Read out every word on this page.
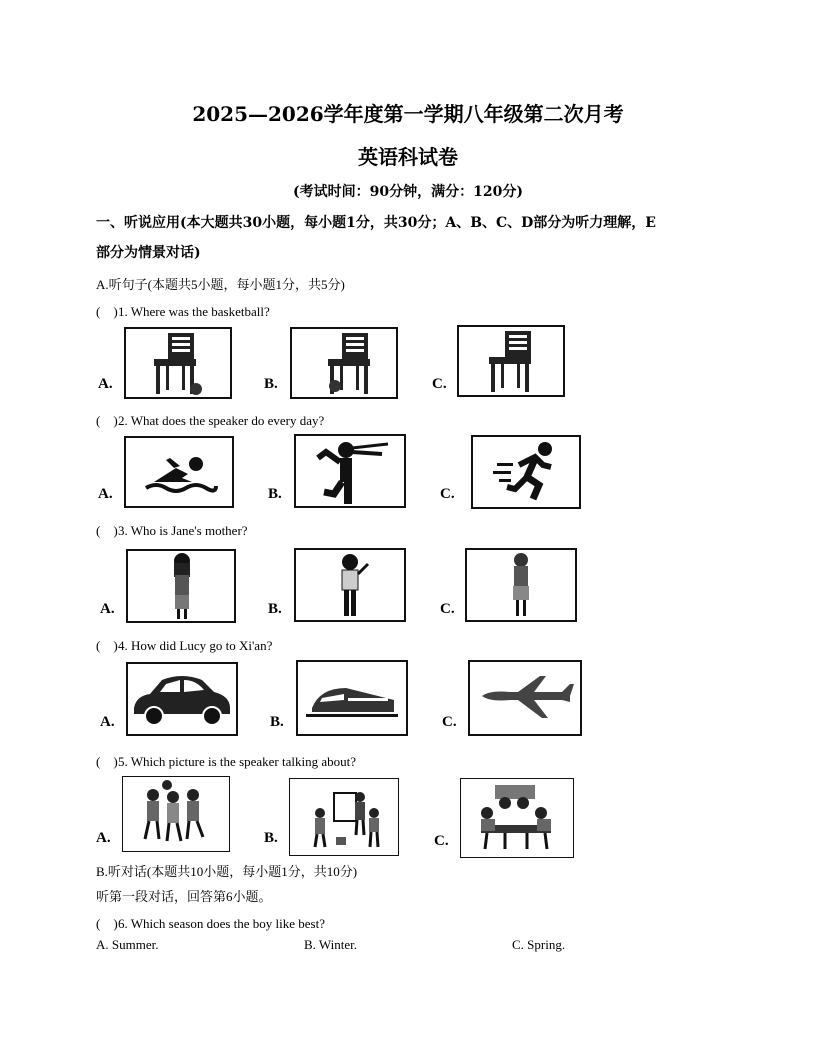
2025—2026学年度第一学期八年级第二次月考
英语科试卷
(考试时间：90分钟，满分：120分)
一、听说应用(本大题共30小题，每小题1分，共30分；A、B、C、D部分为听力理解，E
部分为情景对话)
A.听句子(本题共5小题，每小题1分，共5分)
(　)1. Where was the basketball?
A.	B.	C.
(　)2. What does the speaker do every day?
A.	B.	C.
(　)3. Who is Jane's mother?
A.	B.	C.
(　)4. How did Lucy go to Xi'an?
A.	B.	C.
(　)5. Which picture is the speaker talking about?
A.	B.	C.
B.听对话(本题共10小题，每小题1分，共10分)
听第一段对话，回答第6小题。
(　)6. Which season does the boy like best?
A. Summer.	B. Winter.	C. Spring.
